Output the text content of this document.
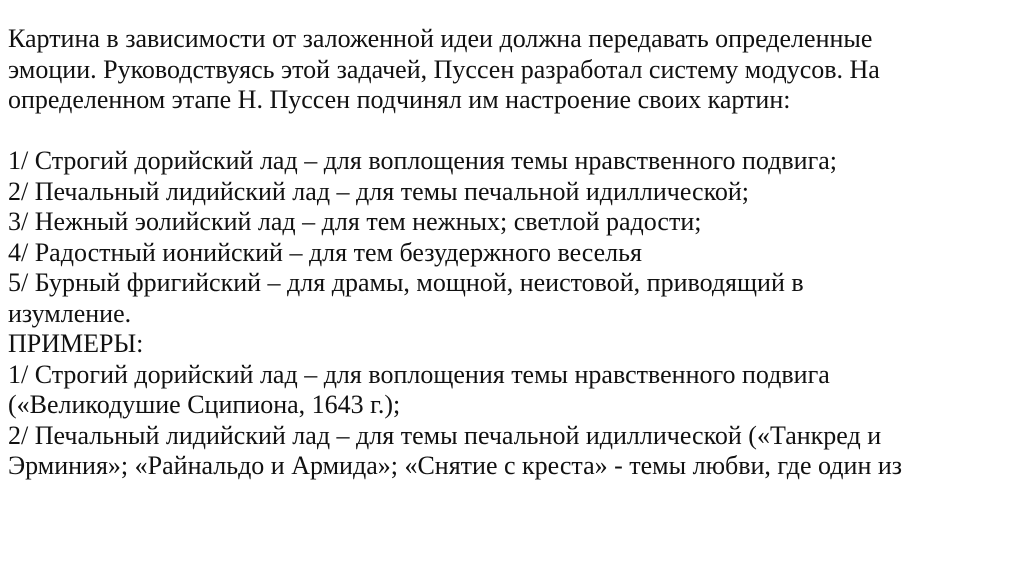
Картина в зависимости от заложенной идеи должна передавать определенные
эмоции. Руководствуясь этой задачей, Пуссен разработал систему модусов. На
определенном этапе Н. Пуссен подчинял им настроение своих картин:
1/ Строгий дорийский лад – для воплощения темы нравственного подвига;
2/ Печальный лидийский лад – для темы печальной идиллической;
3/ Нежный эолийский лад – для тем нежных; светлой радости;
4/ Радостный ионийский – для тем безудержного веселья
5/ Бурный фригийский – для драмы, мощной, неистовой, приводящий в
изумление.
ПРИМЕРЫ:
1/ Строгий дорийский лад – для воплощения темы нравственного подвига
(«Великодушие Сципиона, 1643 г.);
2/ Печальный лидийский лад – для темы печальной идиллической («Танкред и
Эрминия»; «Райнальдо и Армида»; «Снятие с креста» - темы любви, где один из
